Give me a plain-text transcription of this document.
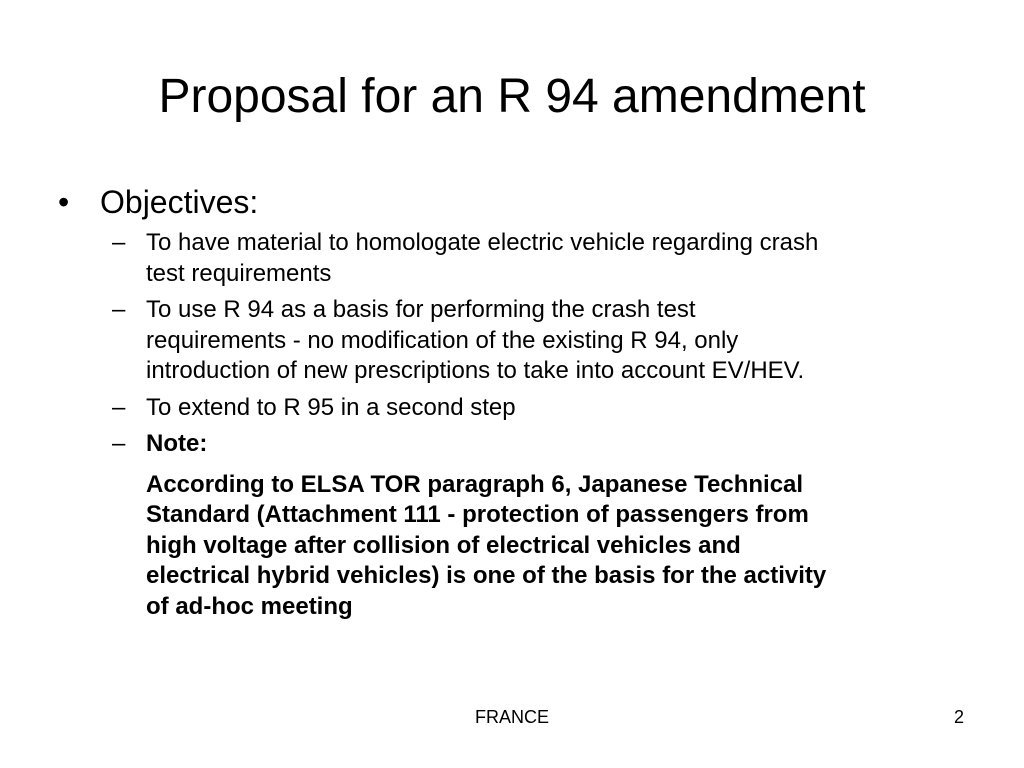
Proposal for an R 94 amendment
• Objectives:
– To have material to homologate electric vehicle regarding crash
test requirements
– To use R 94 as a basis for performing the crash test
requirements - no modification of the existing R 94, only
introduction of new prescriptions to take into account EV/HEV.
– To extend to R 95 in a second step
– Note:
According to ELSA TOR paragraph 6, Japanese Technical
Standard (Attachment 111 - protection of passengers from
high voltage after collision of electrical vehicles and
electrical hybrid vehicles) is one of the basis for the activity
of ad-hoc meeting
FRANCE	2
